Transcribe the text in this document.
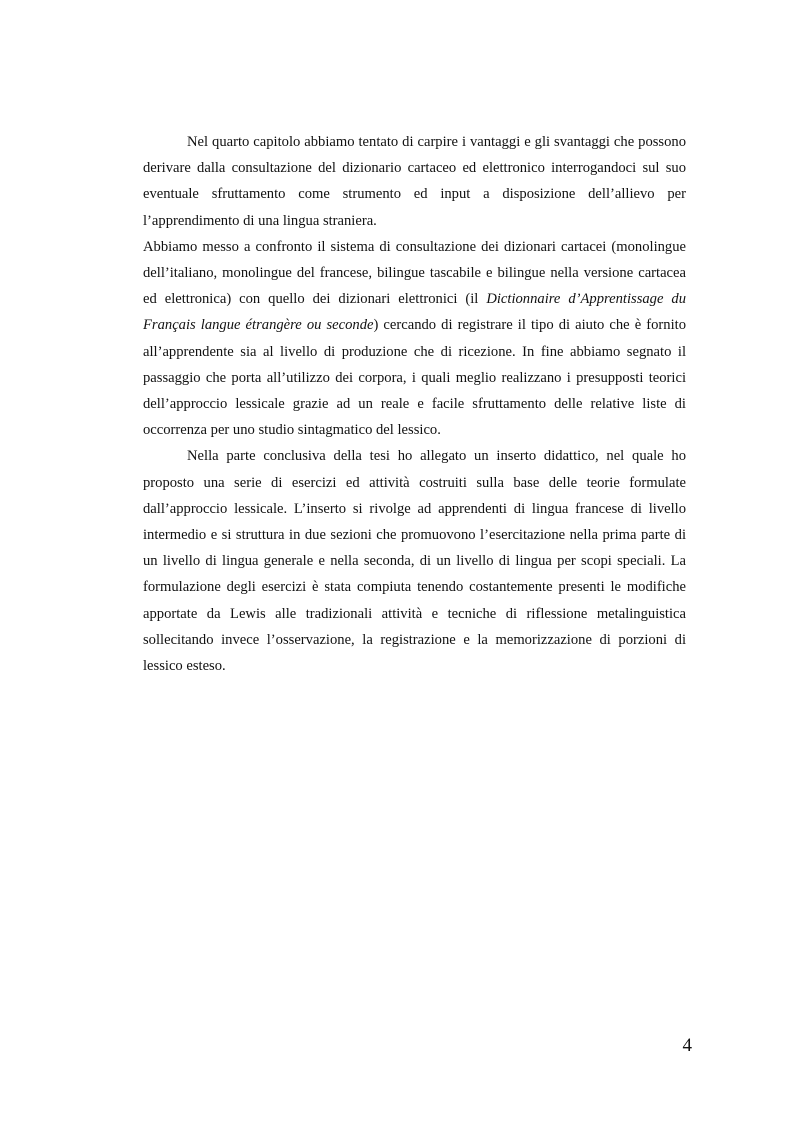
Nel quarto capitolo abbiamo tentato di carpire i vantaggi e gli svantaggi che possono derivare dalla consultazione del dizionario cartaceo ed elettronico interrogandoci sul suo eventuale sfruttamento come strumento ed input a disposizione dell’allievo per l’apprendimento di una lingua straniera.

Abbiamo messo a confronto il sistema di consultazione dei dizionari cartacei (monolingue dell’italiano, monolingue del francese, bilingue tascabile e bilingue nella versione cartacea ed elettronica) con quello dei dizionari elettronici (il Dictionnaire d’Apprentissage du Français langue étrangère ou seconde) cercando di registrare il tipo di aiuto che è fornito all’apprendente sia al livello di produzione che di ricezione. In fine abbiamo segnato il passaggio che porta all’utilizzo dei corpora, i quali meglio realizzano i presupposti teorici dell’approccio lessicale grazie ad un reale e facile sfruttamento delle relative liste di occorrenza per uno studio sintagmatico del lessico.

Nella parte conclusiva della tesi ho allegato un inserto didattico, nel quale ho proposto una serie di esercizi ed attività costruiti sulla base delle teorie formulate dall’approccio lessicale. L’inserto si rivolge ad apprendenti di lingua francese di livello intermedio e si struttura in due sezioni che promuovono l’esercitazione nella prima parte di un livello di lingua generale e nella seconda, di un livello di lingua per scopi speciali. La formulazione degli esercizi è stata compiuta tenendo costantemente presenti le modifiche apportate da Lewis alle tradizionali attività e tecniche di riflessione metalinguistica sollecitando invece l’osservazione, la registrazione e la memorizzazione di porzioni di lessico esteso.

4
